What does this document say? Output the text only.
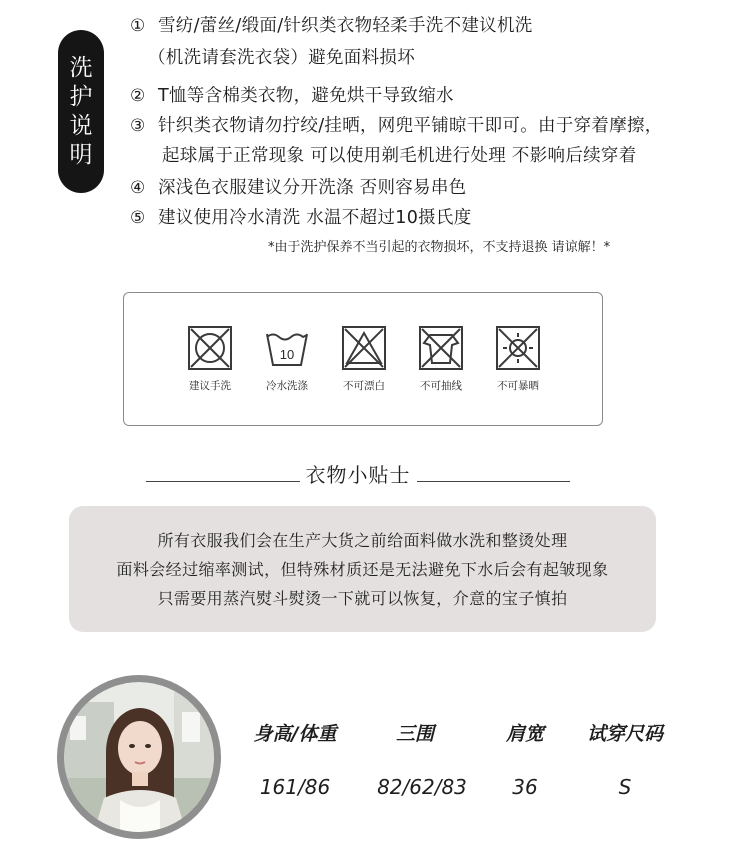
洗
护
说
明
① 雪纺/蕾丝/缎面/针织类衣物轻柔手洗不建议机洗
（机洗请套洗衣袋）避免面料损坏
② T恤等含棉类衣物，避免烘干导致缩水
③ 针织类衣物请勿拧绞/挂晒，网兜平铺晾干即可。由于穿着摩擦，
起球属于正常现象 可以使用剃毛机进行处理 不影响后续穿着
④ 深浅色衣服建议分开洗涤 否则容易串色
⑤ 建议使用冷水清洗 水温不超过10摄氏度
*由于洗护保养不当引起的衣物损坏，不支持退换 请谅解！*
建议手洗
10
冷水洗涤	不可漂白	不可抽线	不可暴晒
衣物小贴士
所有衣服我们会在生产大货之前给面料做水洗和整烫处理
面料会经过缩率测试，但特殊材质还是无法避免下水后会有起皱现象
只需要用蒸汽熨斗熨烫一下就可以恢复，介意的宝子慎拍
身高/体重	三围	肩宽	试穿尺码
161/86	82/62/83	36	S
